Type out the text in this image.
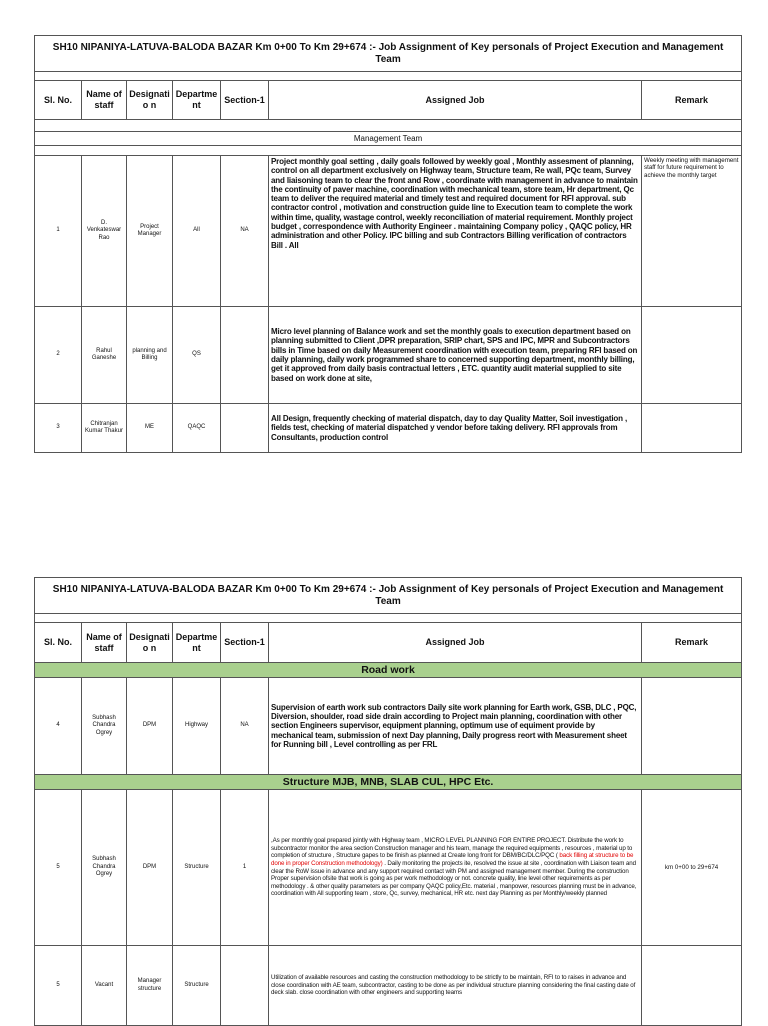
SH10 NIPANIYA-LATUVA-BALODA BAZAR Km 0+00 To Km 29+674 :- Job Assignment of Key personals of Project Execution and Management Team						

Sl. No.	Name of staff	Designatio n	Departme nt	Section-1	Assigned Job	Remark

Management Team						

1	D. Venkateswar Rao	Project Manager	All	NA	Project monthly goal setting , daily goals followed by weekly goal , Monthly assesment of planning, control on all department exclusively on Highway team, Structure team, Re wall, PQc team, Survey and liaisoning team to clear the front and Row , coordinate with management in advance to maintain the continuity of paver machine, coordination with mechanical team, store team, Hr department, Qc team to deliver the required material and timely test and required document for RFI approval. sub contractor control , motivation and construction guide line to Execution team to complete the work within time, quality, wastage control, weekly reconciliation of material requirement. Monthly project budget , correspondence with Authority Engineer . maintaining Company policy , QAQC policy, HR administration and other Policy. IPC billing and sub Contractors Billing verification of contractors Bill . All	Weekly meeting with management staff for future requirement to achieve the monthly target
2	Rahul Ganeshe	planning and Billing	QS		Micro level planning of Balance work and set the monthly goals to execution department based on planning submitted to Client ,DPR preparation, SRIP chart, SPS and IPC, MPR and Subcontractors bills in Time based on daily Measurement coordination with execution team, preparing RFI based on daily planning, daily work programmed share to concerned supporting department, monthly billing, get it approved from daily basis contractual letters , ETC. quantity audit material supplied to site based on work done at site,	
3	Chitranjan Kumar Thakur	ME	QAQC		All Design, frequently checking of material dispatch, day to day Quality Matter, Soil investigation , fields test, checking of material dispatched y vendor before taking delivery. RFI approvals from Consultants, production control	
SH10 NIPANIYA-LATUVA-BALODA BAZAR Km 0+00 To Km 29+674 :- Job Assignment of Key personals of Project Execution and Management Team						

Sl. No.	Name of staff	Designatio n	Departme nt	Section-1	Assigned Job	Remark
Road work						
4	Subhash Chandra Ogrey	DPM	Highway	NA	Supervision of earth work sub contractors Daily site work planning for Earth work, GSB, DLC , PQC, Diversion, shoulder, road side drain according to Project main planning, coordination with other section Engineers supervisor, equipment planning, optimum use of equiment provide by mechanical team, submission of next Day planning, Daily progress reort with Measurement sheet for Running bill , Level controlling as per FRL	
Structure MJB, MNB, SLAB CUL, HPC Etc.						
5	Subhash Chandra Ogrey	DPM	Structure	1	,As per monthly goal prepared jointly with Highway team , MICRO LEVEL PLANNING FOR ENTIRE PROJECT. Distribute the work to subcontractor monitor the area section Construction manager and his team, manage the required equipments , resources , material up to completion of structure , Structure gapes to be finish as planned at Create long front for DBM/BC/DLC/PQC ( back filling at structure to be done in proper Construction methodology) . Daily monitoring the projects ite, resolved the issue at site , coordination with Liaison team and clear the RoW issue in advance and any support required contact with PM and assigned management member. During the construction Proper supervision ofsite that work is going as per work methodology or not. concrete quality, line level other requirements as per methodology . & other quality parameters as per company QAQC policy,Etc. material , manpower, resources planning must be in advance, coordination with All supporting team , store, Qc, survey, mechanical, HR etc. next day Planning as per Monthly/weekly planned	km 0+00 to 29+674
5	Vacant	Manager structure	Structure		Utilization of available resources and casting the construction methodology to be strictly to be maintain, RFI to to raises in advance and close coordination with AE team, subcontractor, casting to be done as per individual structure planning considering the final casting date of deck slab. close coordination with other engineers and supporting teams	
